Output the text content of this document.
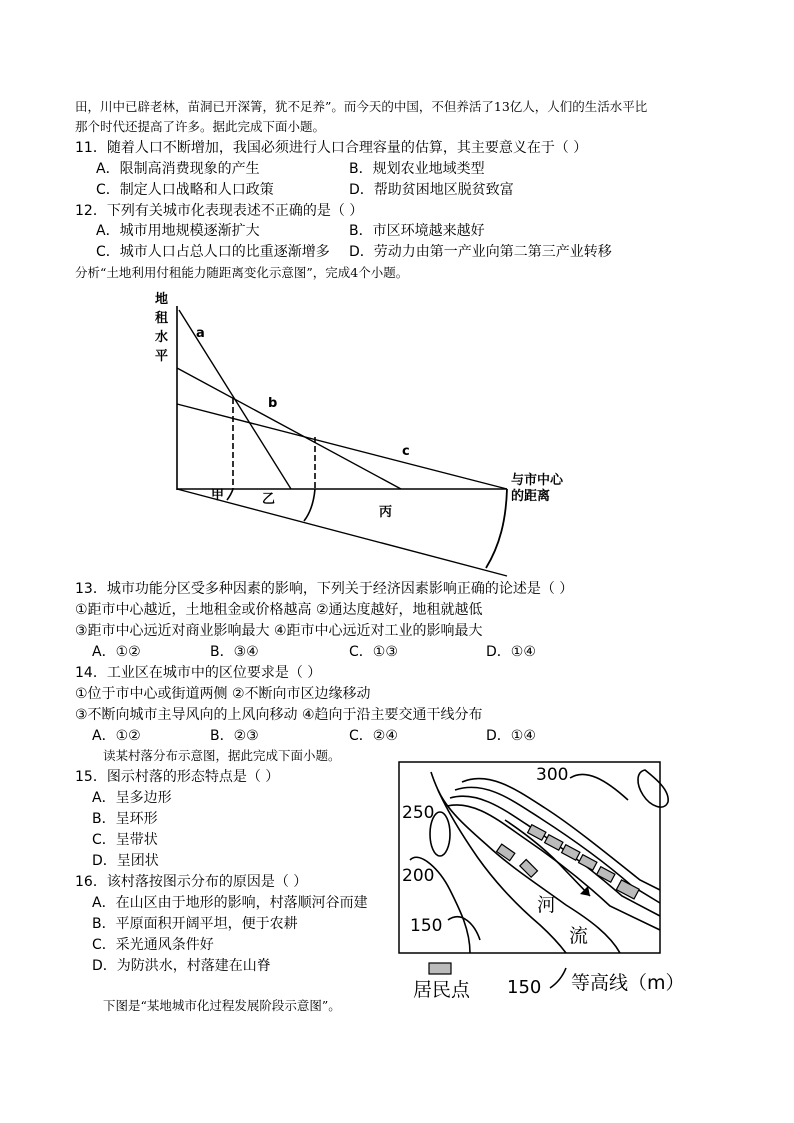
田，川中已辟老林，苗洞已开深箐，犹不足养”。而今天的中国，不但养活了13亿人，人们的生活水平比
那个时代还提高了许多。据此完成下面小题。
11．随着人口不断增加，我国必须进行人口合理容量的估算，其主要意义在于（ ）
A．限制高消费现象的产生	B．规划农业地域类型
C．制定人口战略和人口政策	D．帮助贫困地区脱贫致富
12．下列有关城市化表现表述不正确的是（ ）
A．城市用地规模逐渐扩大	B．市区环境越来越好
C．城市人口占总人口的比重逐渐增多 D．劳动力由第一产业向第二第三产业转移
分析“土地利用付租能力随距离变化示意图”，完成4个小题。
地
租
水
平
a
b
c
与市中心
的距离
甲	乙
丙
13．城市功能分区受多种因素的影响，下列关于经济因素影响正确的论述是（ ）
①距市中心越近，土地租金或价格越高 ②通达度越好，地租就越低
③距市中心远近对商业影响最大 ④距市中心远近对工业的影响最大
A．①②	B．③④	C．①③	D．①④
14．工业区在城市中的区位要求是（ ）
①位于市中心或街道两侧 ②不断向市区边缘移动
③不断向城市主导风向的上风向移动 ④趋向于沿主要交通干线分布
A．①②	B．②③	C．②④	D．①④
读某村落分布示意图，据此完成下面小题。
15．图示村落的形态特点是（ ）
A．呈多边形
B．呈环形
C．呈带状
D．呈团状
16．该村落按图示分布的原因是（ ）
A．在山区由于地形的影响，村落顺河谷而建
B．平原面积开阔平坦，便于农耕
C．采光通风条件好
D．为防洪水，村落建在山脊
300
250
200
150
河
流
居民点 150 等高线（m）
下图是“某地城市化过程发展阶段示意图”。
